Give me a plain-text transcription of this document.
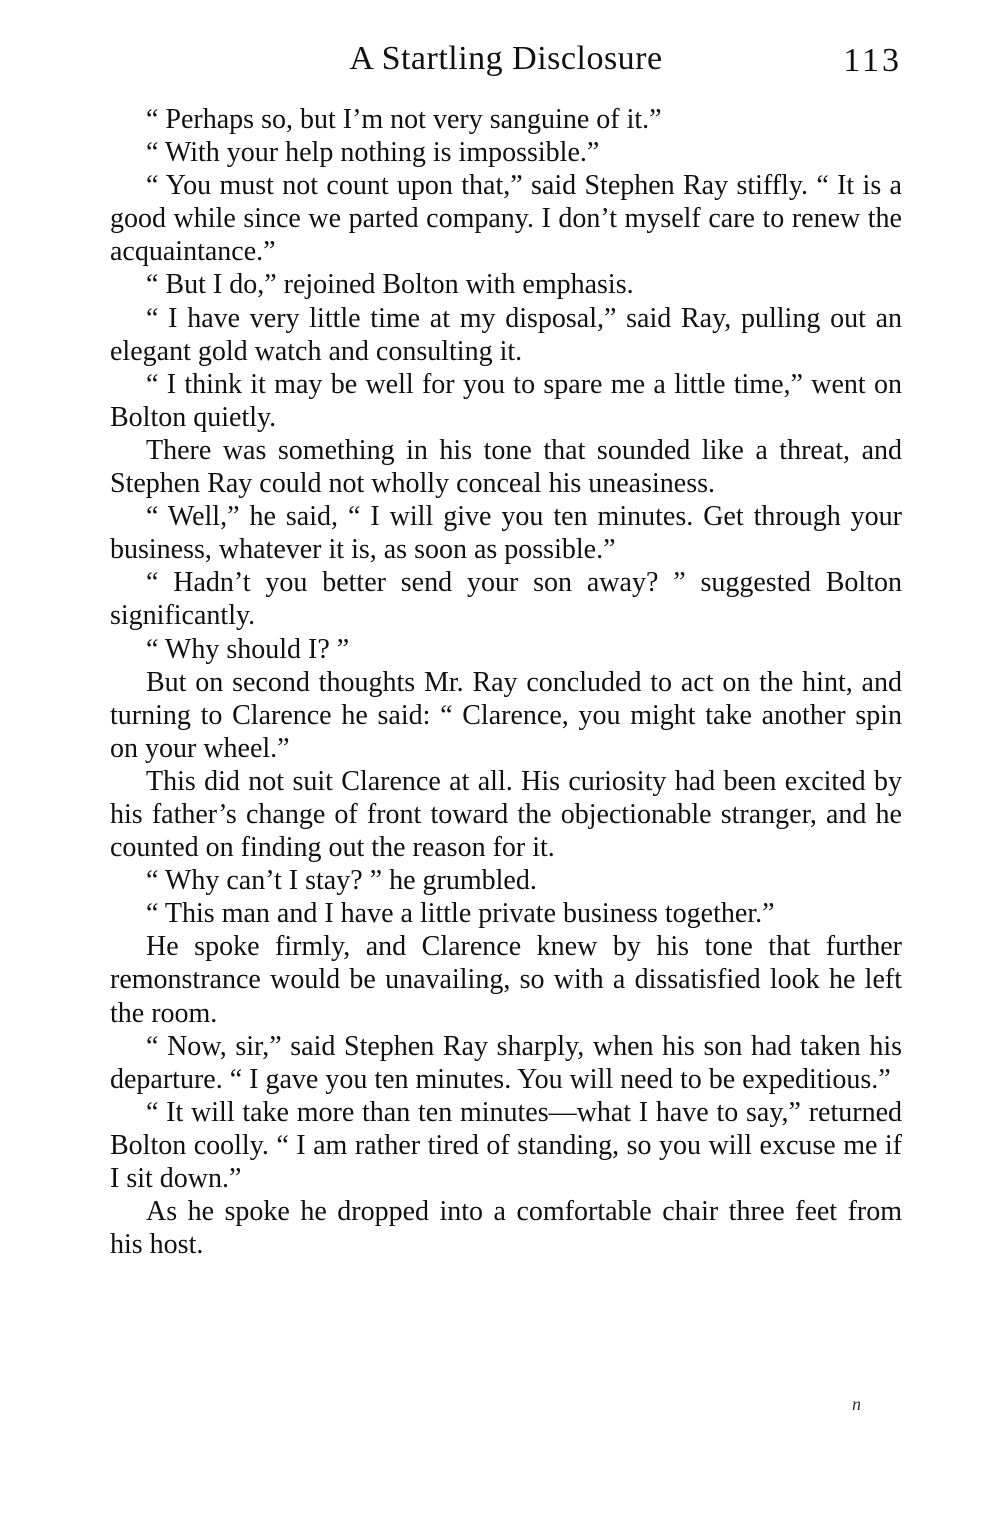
A Startling Disclosure	113

“ Perhaps so, but I’m not very sanguine of it.”

“ With your help nothing is impossible.”

“ You must not count upon that,” said Stephen Ray stiffly. “ It is a good while since we parted company. I don’t myself care to renew the acquaintance.”

“ But I do,” rejoined Bolton with emphasis.

“ I have very little time at my disposal,” said Ray, pulling out an elegant gold watch and consulting it.

“ I think it may be well for you to spare me a little time,” went on Bolton quietly.

There was something in his tone that sounded like a threat, and Stephen Ray could not wholly conceal his uneasiness.

“ Well,” he said, “ I will give you ten minutes. Get through your business, whatever it is, as soon as possible.”

“ Hadn’t you better send your son away? ” suggested Bolton significantly.

“ Why should I? ”

But on second thoughts Mr. Ray concluded to act on the hint, and turning to Clarence he said: “ Clarence, you might take another spin on your wheel.”

This did not suit Clarence at all. His curiosity had been excited by his father’s change of front toward the objectionable stranger, and he counted on finding out the reason for it.

“ Why can’t I stay? ” he grumbled.

“ This man and I have a little private business together.”

He spoke firmly, and Clarence knew by his tone that further remonstrance would be unavailing, so with a dissatisfied look he left the room.

“ Now, sir,” said Stephen Ray sharply, when his son had taken his departure. “ I gave you ten minutes. You will need to be expeditious.”

“ It will take more than ten minutes—what I have to say,” returned Bolton coolly. “ I am rather tired of standing, so you will excuse me if I sit down.”

As he spoke he dropped into a comfortable chair three feet from his host.

n
